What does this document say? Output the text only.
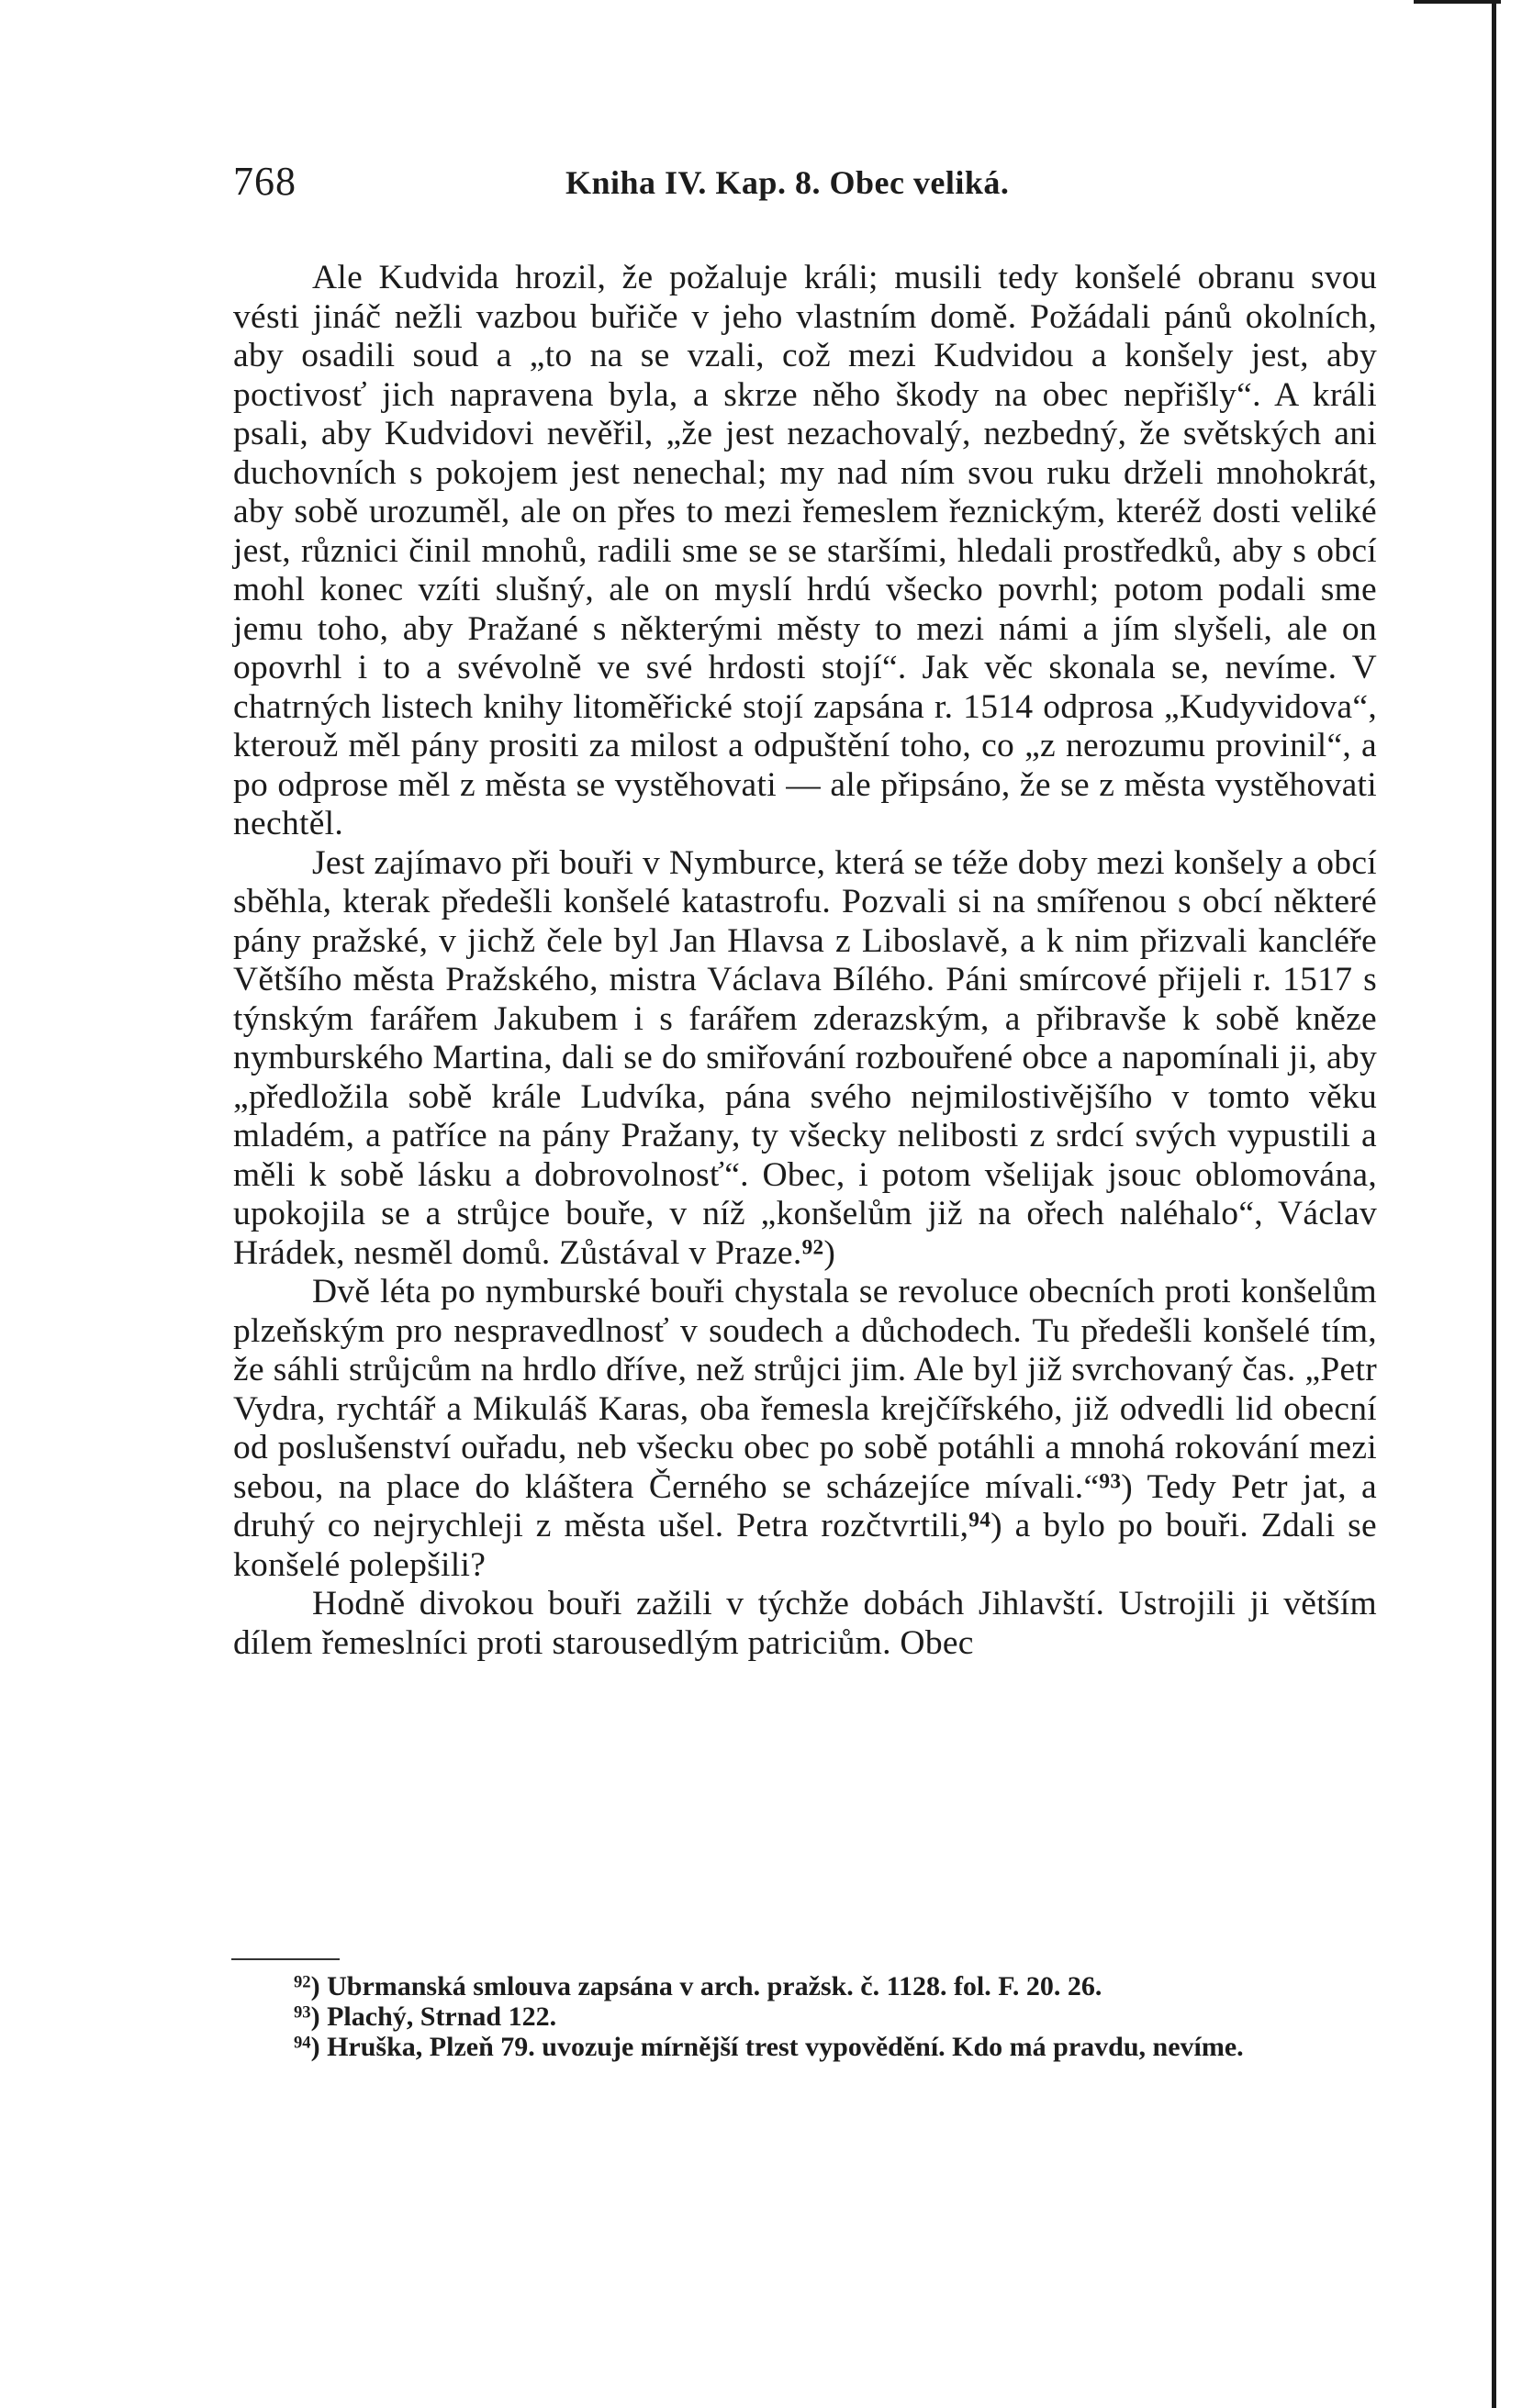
768	Kniha IV. Kap. 8. Obec veliká.

Ale Kudvida hrozil, že požaluje králi; musili tedy konšelé obranu svou vésti jináč nežli vazbou buřiče v jeho vlastním domě. Požádali pánů okolních, aby osadili soud a „to na se vzali, což mezi Kudvidou a konšely jest, aby poctivosť jich napravena byla, a skrze něho škody na obec nepřišly“. A králi psali, aby Kudvidovi nevěřil, „že jest nezachovalý, nezbedný, že světských ani duchovních s pokojem jest nenechal; my nad ním svou ruku drželi mnohokrát, aby sobě urozuměl, ale on přes to mezi řemeslem řeznickým, kteréž dosti veliké jest, různici činil mnohů, radili sme se se staršími, hledali prostředků, aby s obcí mohl konec vzíti slušný, ale on myslí hrdú všecko povrhl; potom podali sme jemu toho, aby Pražané s některými městy to mezi námi a jím slyšeli, ale on opovrhl i to a svévolně ve své hrdosti stojí“. Jak věc skonala se, nevíme. V chatrných listech knihy litoměřické stojí zapsána r. 1514 odprosa „Kudyvidova“, kterouž měl pány prositi za milost a odpuštění toho, co „z nerozumu provinil“, a po odprose měl z města se vystěhovati — ale připsáno, že se z města vystěhovati nechtěl.

Jest zajímavo při bouři v Nymburce, která se téže doby mezi konšely a obcí sběhla, kterak předešli konšelé katastrofu. Pozvali si na smířenou s obcí některé pány pražské, v jichž čele byl Jan Hlavsa z Liboslavě, a k nim přizvali kancléře Většího města Pražského, mistra Václava Bílého. Páni smírcové přijeli r. 1517 s týnským farářem Jakubem i s farářem zderazským, a přibravše k sobě kněze nymburského Martina, dali se do smiřování rozbouřené obce a napomínali ji, aby „předložila sobě krále Ludvíka, pána svého nejmilostivějšího v tomto věku mladém, a patříce na pány Pražany, ty všecky nelibosti z srdcí svých vypustili a měli k sobě lásku a dobrovolnosť“. Obec, i potom všelijak jsouc oblomována, upokojila se a strůjce bouře, v níž „konšelům již na ořech naléhalo“, Václav Hrádek, nesměl domů. Zůstával v Praze.$^{92}$)

Dvě léta po nymburské bouři chystala se revoluce obecních proti konšelům plzeňským pro nespravedlnosť v soudech a důchodech. Tu předešli konšelé tím, že sáhli strůjcům na hrdlo dříve, než strůjci jim. Ale byl již svrchovaný čas. „Petr Vydra, rychtář a Mikuláš Karas, oba řemesla krejčířského, již odvedli lid obecní od poslušenství ouřadu, neb všecku obec po sobě potáhli a mnohá rokování mezi sebou, na place do kláštera Černého se scházejíce mívali.“$^{93}$) Tedy Petr jat, a druhý co nejrychleji z města ušel. Petra rozčtvrtili,$^{94}$) a bylo po bouři. Zdali se konšelé polepšili?

Hodně divokou bouři zažili v týchže dobách Jihlavští. Ustrojili ji větším dílem řemeslníci proti starousedlým patriciům. Obec

$^{92}$) Ubrmanská smlouva zapsána v arch. pražsk. č. 1128. fol. F. 20. 26.

$^{93}$) Plachý, Strnad 122.

$^{94}$) Hruška, Plzeň 79. uvozuje mírnější trest vypovědění. Kdo má pravdu, nevíme.
